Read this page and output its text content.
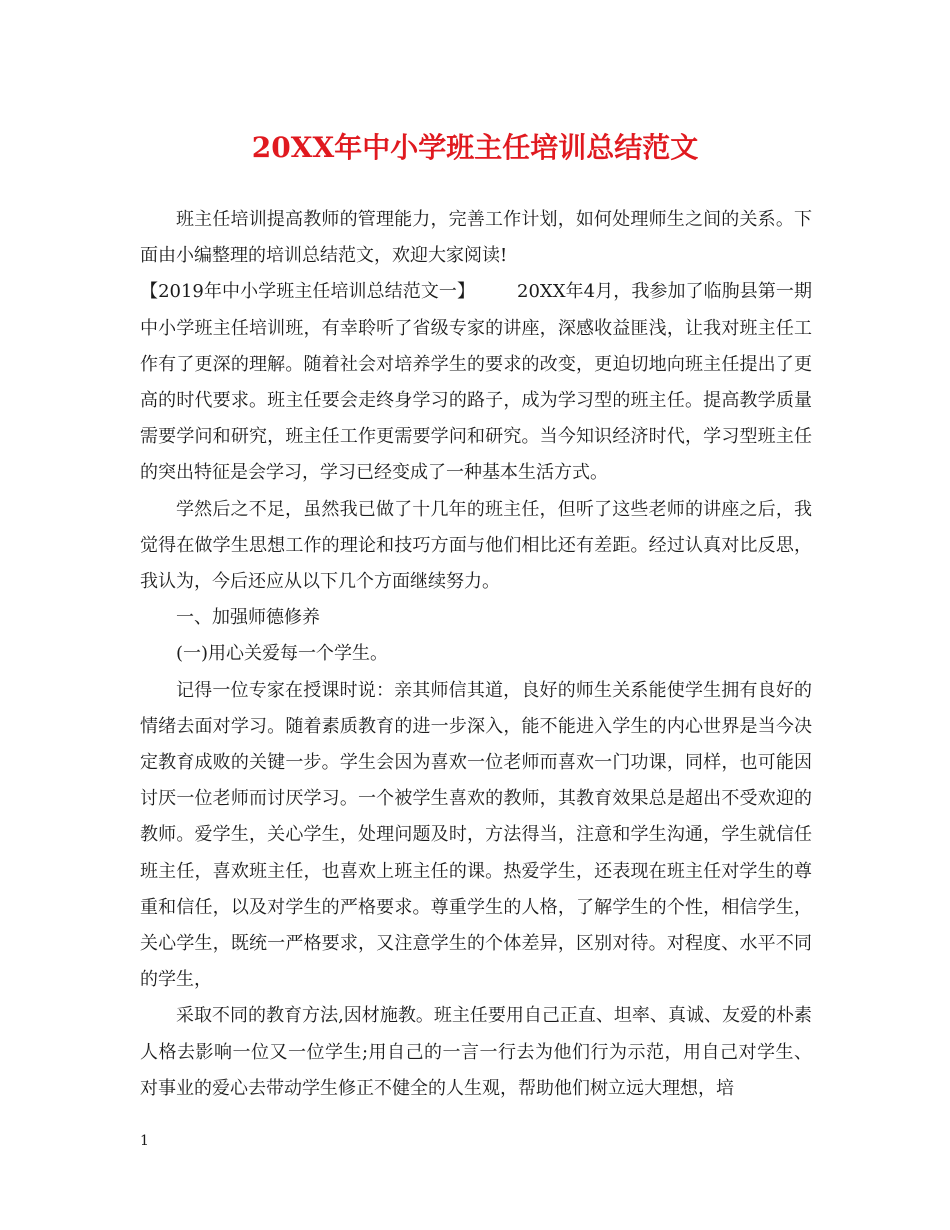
20XX年中小学班主任培训总结范文

班主任培训提高教师的管理能力，完善工作计划，如何处理师生之间的关系。下面由小编整理的培训总结范文，欢迎大家阅读!

【2019年中小学班主任培训总结范文一】 　　20XX年4月，我参加了临朐县第一期中小学班主任培训班，有幸聆听了省级专家的讲座，深感收益匪浅，让我对班主任工作有了更深的理解。随着社会对培养学生的要求的改变，更迫切地向班主任提出了更高的时代要求。班主任要会走终身学习的路子，成为学习型的班主任。提高教学质量需要学问和研究，班主任工作更需要学问和研究。当今知识经济时代，学习型班主任的突出特征是会学习，学习已经变成了一种基本生活方式。

学然后之不足，虽然我已做了十几年的班主任，但听了这些老师的讲座之后，我觉得在做学生思想工作的理论和技巧方面与他们相比还有差距。经过认真对比反思，我认为，今后还应从以下几个方面继续努力。

一、加强师德修养

(一)用心关爱每一个学生。

记得一位专家在授课时说：亲其师信其道，良好的师生关系能使学生拥有良好的情绪去面对学习。随着素质教育的进一步深入，能不能进入学生的内心世界是当今决定教育成败的关键一步。学生会因为喜欢一位老师而喜欢一门功课，同样，也可能因讨厌一位老师而讨厌学习。一个被学生喜欢的教师，其教育效果总是超出不受欢迎的教师。爱学生，关心学生，处理问题及时，方法得当，注意和学生沟通，学生就信任班主任，喜欢班主任，也喜欢上班主任的课。热爱学生，还表现在班主任对学生的尊重和信任，以及对学生的严格要求。尊重学生的人格，了解学生的个性，相信学生，关心学生，既统一严格要求，又注意学生的个体差异，区别对待。对程度、水平不同的学生，

采取不同的教育方法,因材施教。班主任要用自己正直、坦率、真诚、友爱的朴素人格去影响一位又一位学生;用自己的一言一行去为他们行为示范，用自己对学生、对事业的爱心去带动学生修正不健全的人生观，帮助他们树立远大理想，培

1
